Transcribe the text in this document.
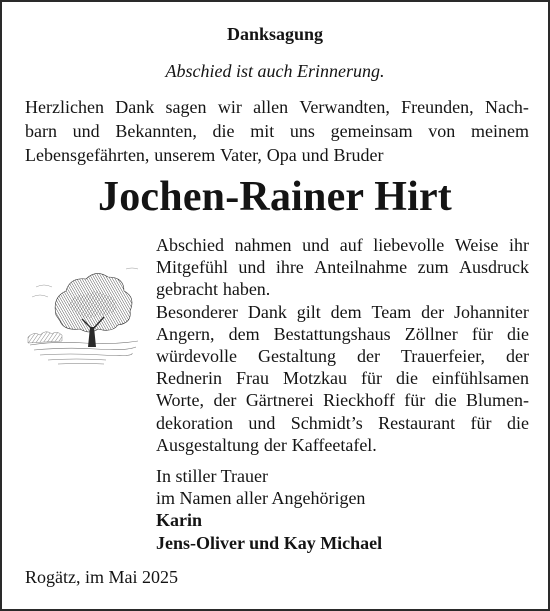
Danksagung
Abschied ist auch Erinnerung.
Herzlichen Dank sagen wir allen Verwandten, Freunden, Nach-
barn und Bekannten, die mit uns gemeinsam von meinem
Lebensgefährten, unserem Vater, Opa und Bruder
Jochen-Rainer Hirt
Abschied nahmen und auf liebevolle Weise ihr
Mitgefühl und ihre Anteilnahme zum Ausdruck
gebracht haben.
Besonderer Dank gilt dem Team der Johanniter
Angern, dem Bestattungshaus Zöllner für die
würdevolle Gestaltung der Trauerfeier, der
Rednerin Frau Motzkau für die einfühlsamen
Worte, der Gärtnerei Rieckhoff für die Blumen-
dekoration und Schmidt’s Restaurant für die
Ausgestaltung der Kaffeetafel.
In stiller Trauer
im Namen aller Angehörigen
Karin
Jens-Oliver und Kay Michael
Rogätz, im Mai 2025
